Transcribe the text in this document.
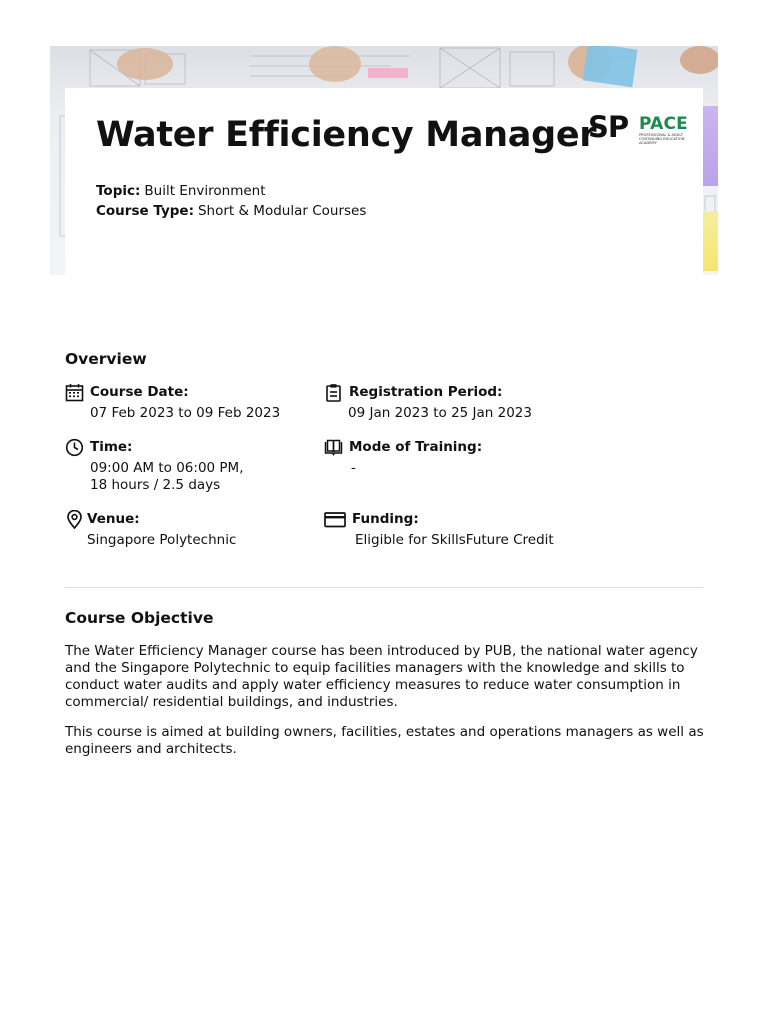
Water Efficiency Manager
SP PACE
PROFESSIONAL & ADULT CONTINUING EDUCATION ACADEMY
Topic: Built Environment
Course Type: Short & Modular Courses
Overview
Course Date:
07 Feb 2023 to 09 Feb 2023
Registration Period:
09 Jan 2023 to 25 Jan 2023
Time:
09:00 AM to 06:00 PM,
18 hours / 2.5 days
Mode of Training:
-
Venue:
Singapore Polytechnic
Funding:
Eligible for SkillsFuture Credit
Course Objective

The Water Efficiency Manager course has been introduced by PUB, the national water agency and the Singapore Polytechnic to equip facilities managers with the knowledge and skills to conduct water audits and apply water efficiency measures to reduce water consumption in commercial/ residential buildings, and industries.

This course is aimed at building owners, facilities, estates and operations managers as well as engineers and architects.
